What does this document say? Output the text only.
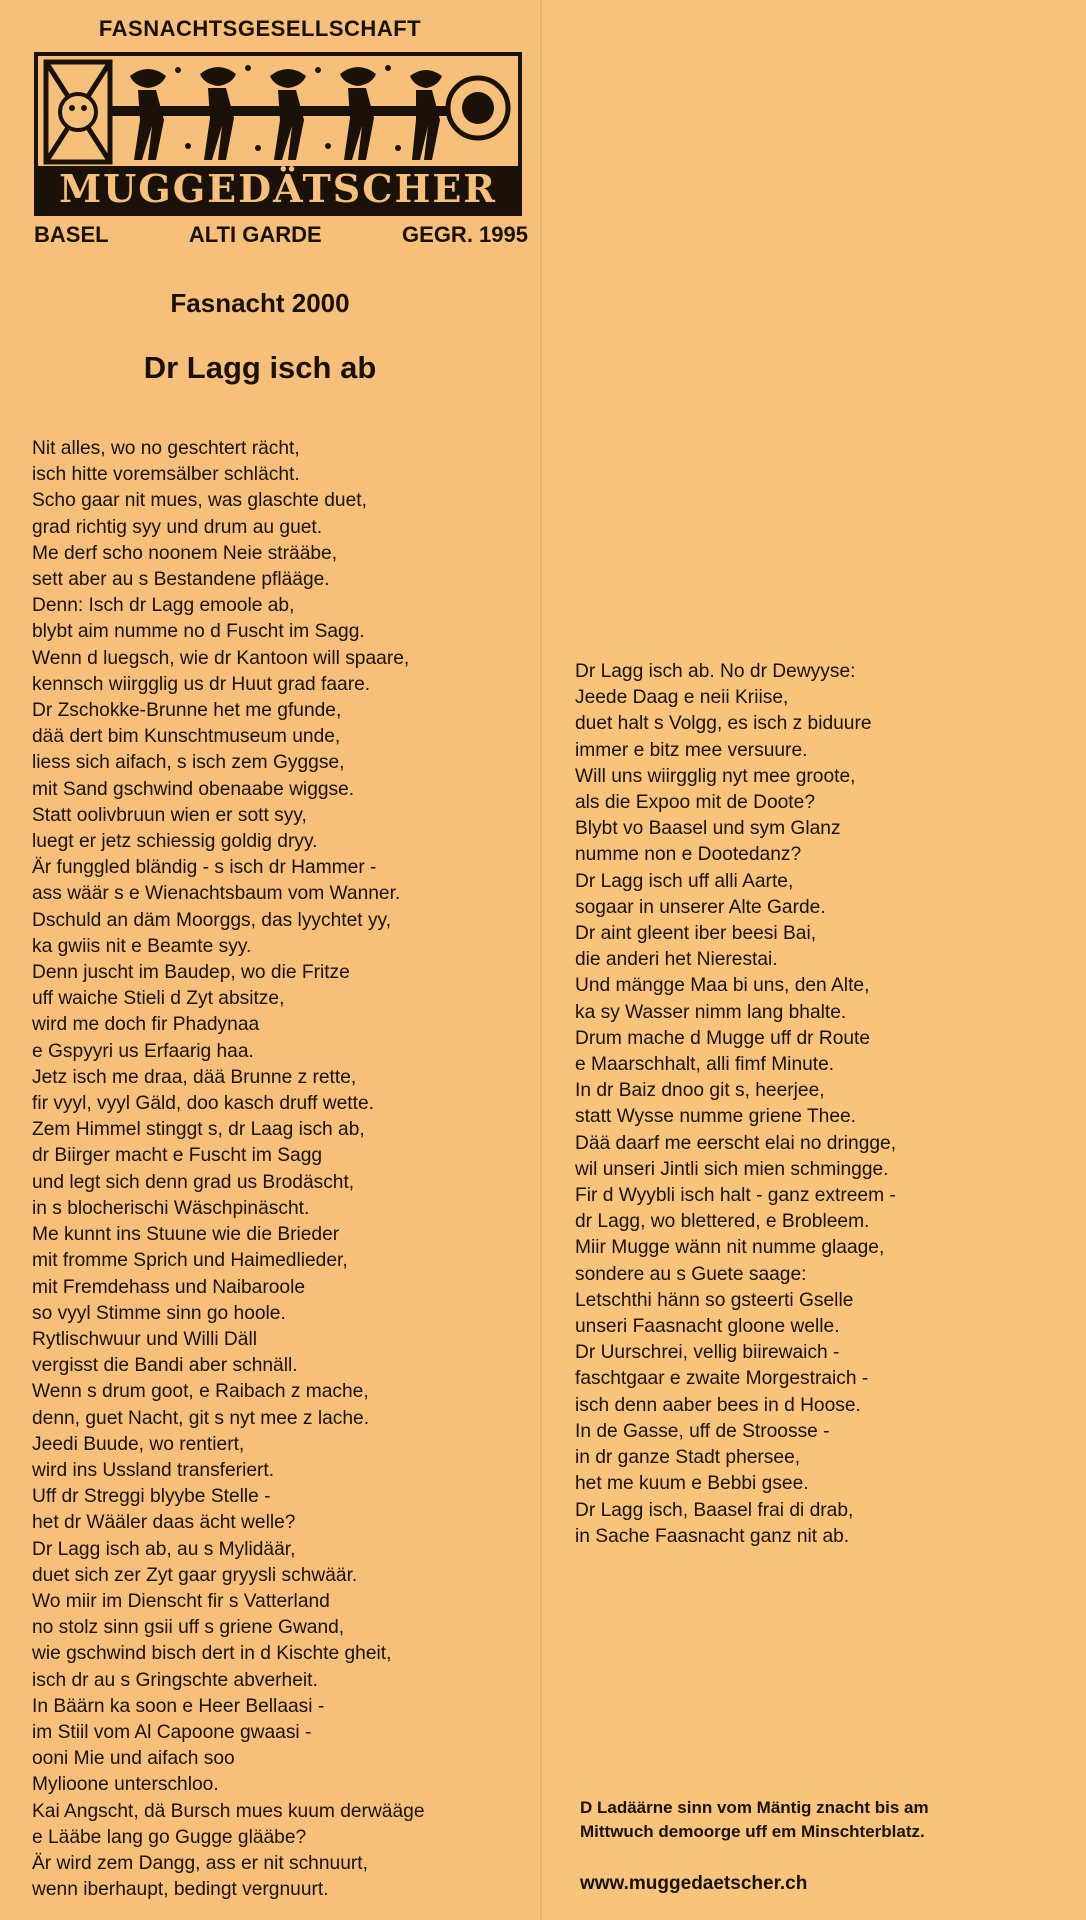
FASNACHTSGESELLSCHAFT
MUGGEDÄTSCHER
BASEL	ALTI GARDE	GEGR. 1995
Fasnacht 2000
Dr Lagg isch ab
Nit alles, wo no geschtert rächt,
isch hitte voremsälber schlächt.
Scho gaar nit mues, was glaschte duet,
grad richtig syy und drum au guet.
Me derf scho noonem Neie strääbe,
sett aber au s Bestandene pflääge.
Denn: Isch dr Lagg emoole ab,
blybt aim numme no d Fuscht im Sagg.
Wenn d luegsch, wie dr Kantoon will spaare,
kennsch wiirgglig us dr Huut grad faare.
Dr Zschokke-Brunne het me gfunde,
dää dert bim Kunschtmuseum unde,
liess sich aifach, s isch zem Gyggse,
mit Sand gschwind obenaabe wiggse.
Statt oolivbruun wien er sott syy,
luegt er jetz schiessig goldig dryy.
Är funggled bländig - s isch dr Hammer -
ass wäär s e Wienachtsbaum vom Wanner.
Dschuld an däm Moorggs, das lyychtet yy,
ka gwiis nit e Beamte syy.
Denn juscht im Baudep, wo die Fritze
uff waiche Stieli d Zyt absitze,
wird me doch fir Phadynaa
e Gspyyri us Erfaarig haa.
Jetz isch me draa, dää Brunne z rette,
fir vyyl, vyyl Gäld, doo kasch druff wette.
Zem Himmel stinggt s, dr Laag isch ab,
dr Biirger macht e Fuscht im Sagg
und legt sich denn grad us Brodäscht,
in s blocherischi Wäschpinäscht.
Me kunnt ins Stuune wie die Brieder
mit fromme Sprich und Haimedlieder,
mit Fremdehass und Naibaroole
so vyyl Stimme sinn go hoole.
Rytlischwuur und Willi Däll
vergisst die Bandi aber schnäll.
Wenn s drum goot, e Raibach z mache,
denn, guet Nacht, git s nyt mee z lache.
Jeedi Buude, wo rentiert,
wird ins Ussland transferiert.
Uff dr Streggi blyybe Stelle -
het dr Wääler daas ächt welle?
Dr Lagg isch ab, au s Mylidäär,
duet sich zer Zyt gaar gryysli schwäär.
Wo miir im Dienscht fir s Vatterland
no stolz sinn gsii uff s griene Gwand,
wie gschwind bisch dert in d Kischte gheit,
isch dr au s Gringschte abverheit.
In Bäärn ka soon e Heer Bellaasi -
im Stiil vom Al Capoone gwaasi -
ooni Mie und aifach soo
Mylioone unterschloo.
Kai Angscht, dä Bursch mues kuum derwääge
e Lääbe lang go Gugge glääbe?
Är wird zem Dangg, ass er nit schnuurt,
wenn iberhaupt, bedingt vergnuurt.
Dr Lagg isch ab. No dr Dewyyse:
Jeede Daag e neii Kriise,
duet halt s Volgg, es isch z biduure
immer e bitz mee versuure.
Will uns wiirgglig nyt mee groote,
als die Expoo mit de Doote?
Blybt vo Baasel und sym Glanz
numme non e Dootedanz?
Dr Lagg isch uff alli Aarte,
sogaar in unserer Alte Garde.
Dr aint gleent iber beesi Bai,
die anderi het Nierestai.
Und mängge Maa bi uns, den Alte,
ka sy Wasser nimm lang bhalte.
Drum mache d Mugge uff dr Route
e Maarschhalt, alli fimf Minute.
In dr Baiz dnoo git s, heerjee,
statt Wysse numme griene Thee.
Dää daarf me eerscht elai no dringge,
wil unseri Jintli sich mien schmingge.
Fir d Wyybli isch halt - ganz extreem -
dr Lagg, wo blettered, e Brobleem.
Miir Mugge wänn nit numme glaage,
sondere au s Guete saage:
Letschthi hänn so gsteerti Gselle
unseri Faasnacht gloone welle.
Dr Uurschrei, vellig biirewaich -
faschtgaar e zwaite Morgestraich -
isch denn aaber bees in d Hoose.
In de Gasse, uff de Stroosse -
in dr ganze Stadt phersee,
het me kuum e Bebbi gsee.
Dr Lagg isch, Baasel frai di drab,
in Sache Faasnacht ganz nit ab.
D Ladäärne sinn vom Mäntig znacht bis am
Mittwuch demoorge uff em Minschterblatz.
www.muggedaetscher.ch
